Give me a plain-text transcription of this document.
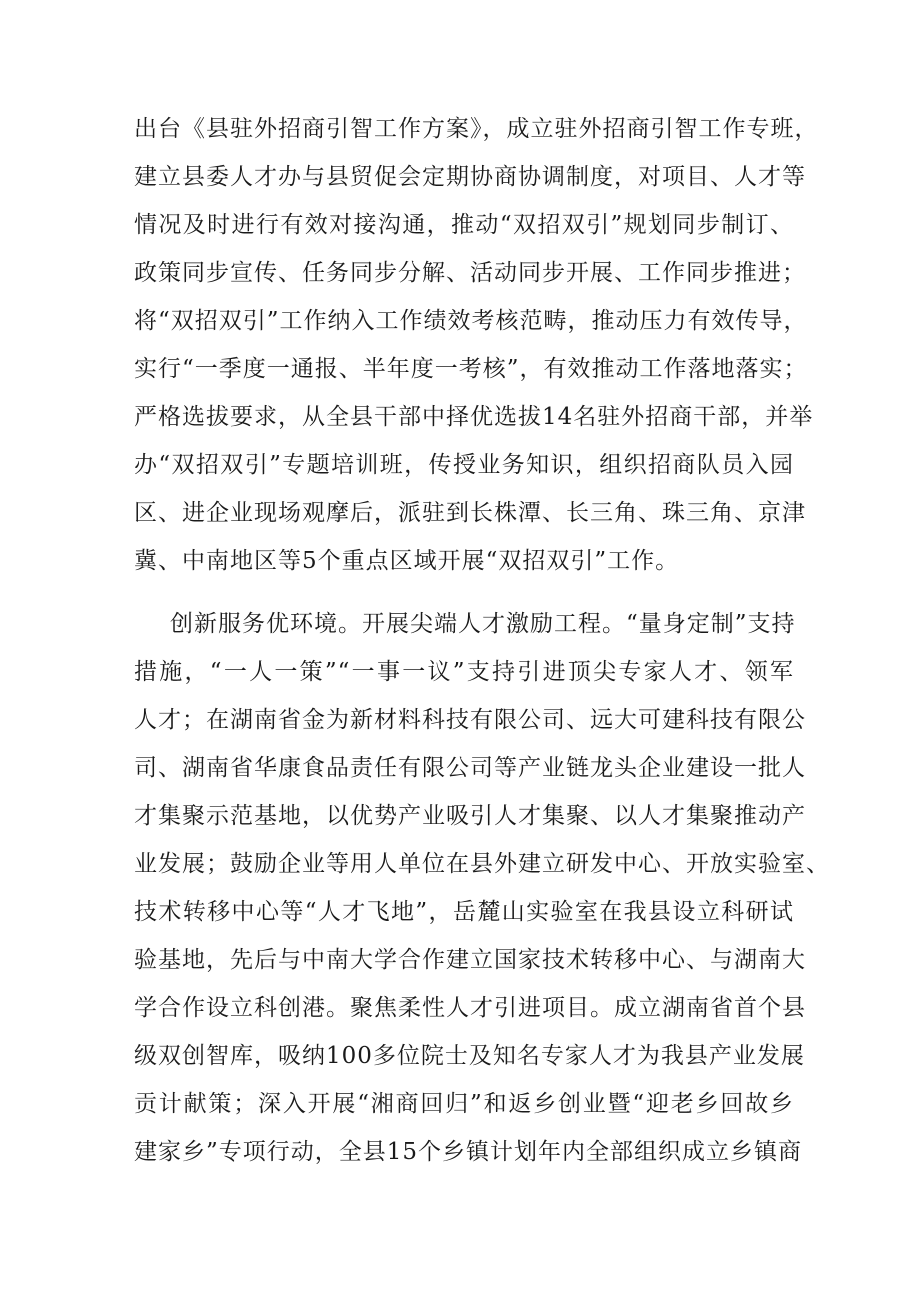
出台《县驻外招商引智工作方案》，成立驻外招商引智工作专班，
建立县委人才办与县贸促会定期协商协调制度，对项目、人才等
情况及时进行有效对接沟通，推动“双招双引”规划同步制订、
政策同步宣传、任务同步分解、活动同步开展、工作同步推进；
将“双招双引”工作纳入工作绩效考核范畴，推动压力有效传导，
实行“一季度一通报、半年度一考核”，有效推动工作落地落实；
严格选拔要求，从全县干部中择优选拔14名驻外招商干部，并举
办“双招双引”专题培训班，传授业务知识，组织招商队员入园
区、进企业现场观摩后，派驻到长株潭、长三角、珠三角、京津
冀、中南地区等5个重点区域开展“双招双引”工作。
创新服务优环境。开展尖端人才激励工程。“量身定制”支持
措施，“一人一策”“一事一议”支持引进顶尖专家人才、领军
人才；在湖南省金为新材料科技有限公司、远大可建科技有限公
司、湖南省华康食品责任有限公司等产业链龙头企业建设一批人
才集聚示范基地，以优势产业吸引人才集聚、以人才集聚推动产
业发展；鼓励企业等用人单位在县外建立研发中心、开放实验室、
技术转移中心等“人才飞地”，岳麓山实验室在我县设立科研试
验基地，先后与中南大学合作建立国家技术转移中心、与湖南大
学合作设立科创港。聚焦柔性人才引进项目。成立湖南省首个县
级双创智库，吸纳100多位院士及知名专家人才为我县产业发展
贡计献策；深入开展“湘商回归”和返乡创业暨“迎老乡回故乡
建家乡”专项行动，全县15个乡镇计划年内全部组织成立乡镇商
